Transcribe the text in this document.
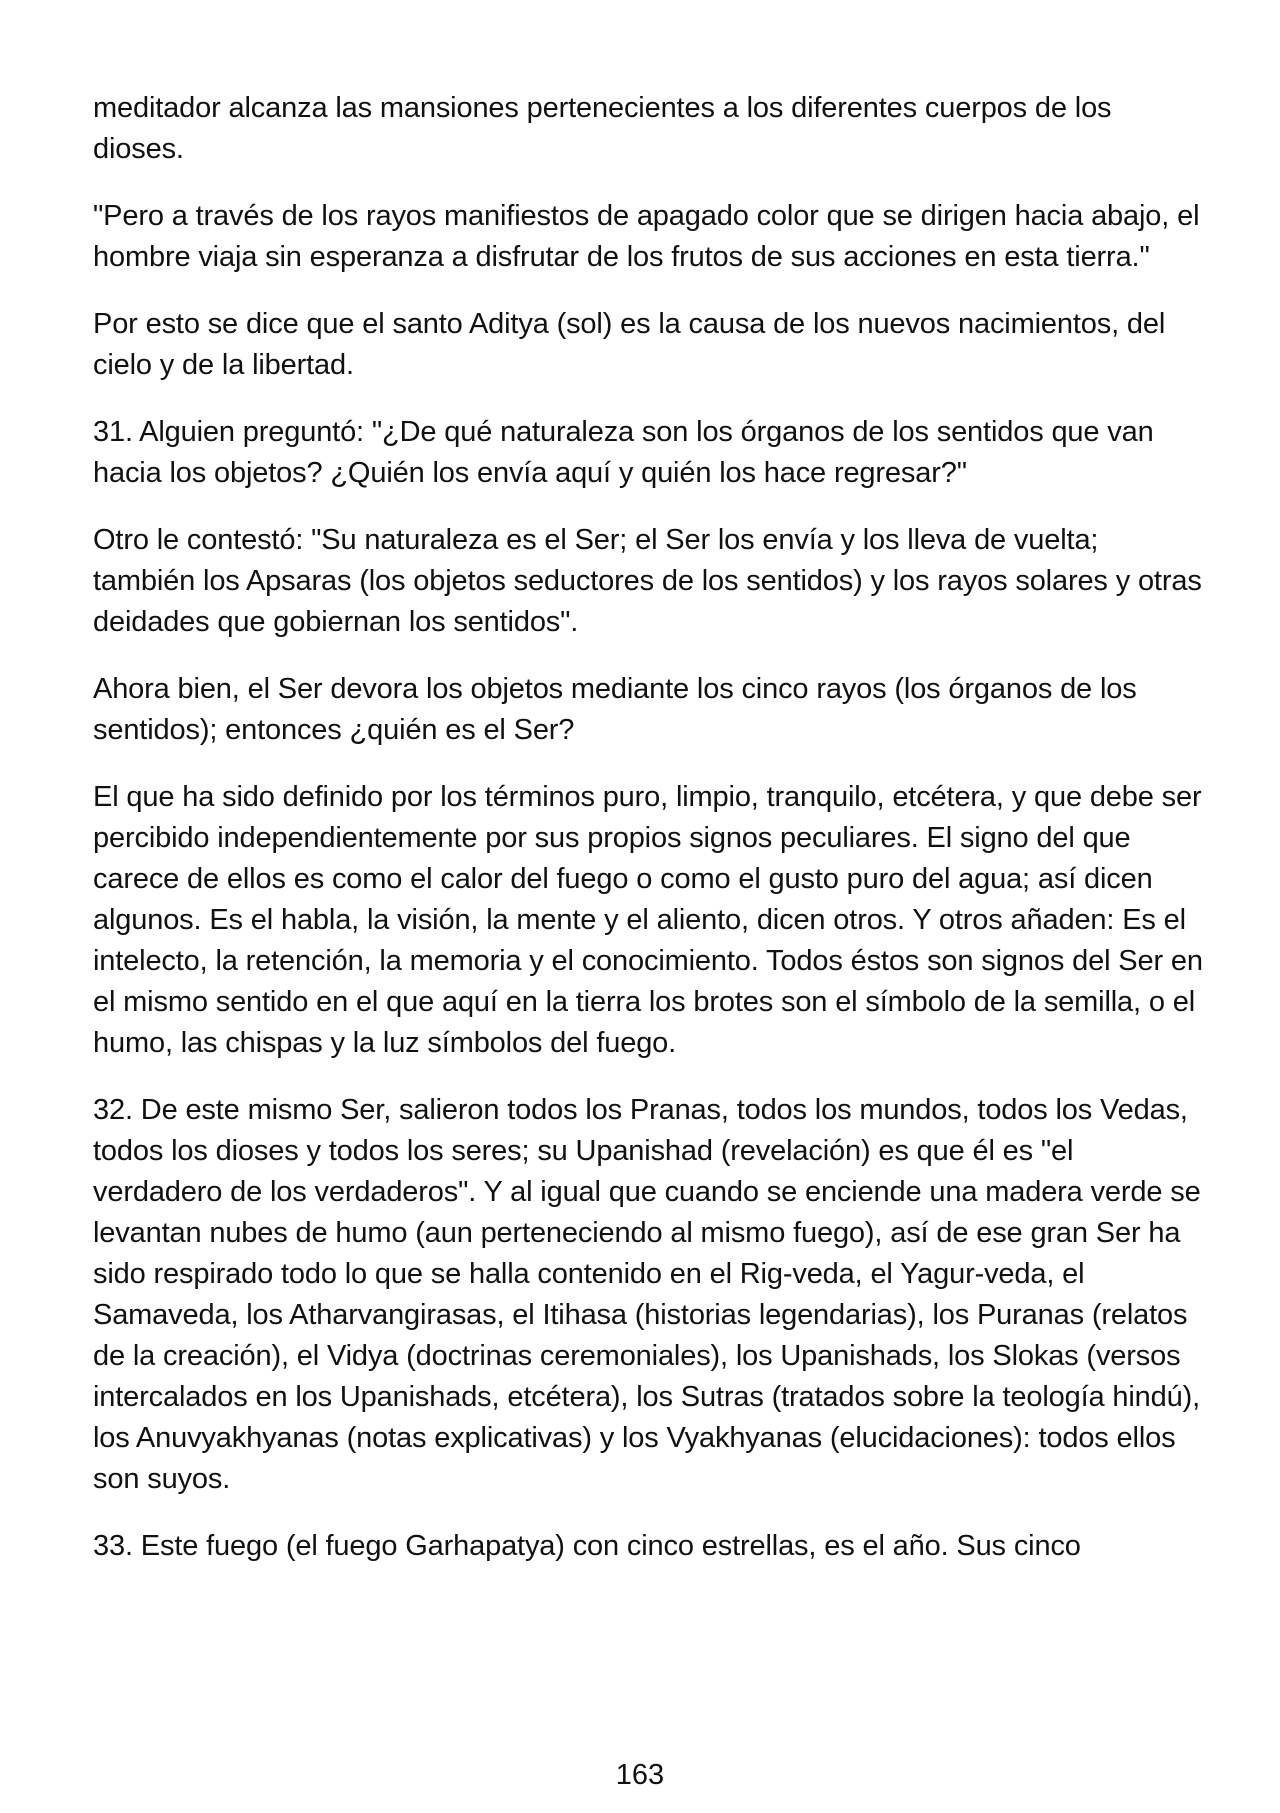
meditador alcanza las mansiones pertenecientes a los diferentes cuerpos de los dioses.

"Pero a través de los rayos manifiestos de apagado color que se dirigen hacia abajo, el hombre viaja sin esperanza a disfrutar de los frutos de sus acciones en esta tierra."

Por esto se dice que el santo Aditya (sol) es la causa de los nuevos nacimientos, del cielo y de la libertad.

31. Alguien preguntó: "¿De qué naturaleza son los órganos de los sentidos que van hacia los objetos? ¿Quién los envía aquí y quién los hace regresar?"

Otro le contestó: "Su naturaleza es el Ser; el Ser los envía y los lleva de vuelta; también los Apsaras (los objetos seductores de los sentidos) y los rayos solares y otras deidades que gobiernan los sentidos".

Ahora bien, el Ser devora los objetos mediante los cinco rayos (los órganos de los sentidos); entonces ¿quién es el Ser?

El que ha sido definido por los términos puro, limpio, tranquilo, etcétera, y que debe ser percibido independientemente por sus propios signos peculiares. El signo del que carece de ellos es como el calor del fuego o como el gusto puro del agua; así dicen algunos. Es el habla, la visión, la mente y el aliento, dicen otros. Y otros añaden: Es el intelecto, la retención, la memoria y el conocimiento. Todos éstos son signos del Ser en el mismo sentido en el que aquí en la tierra los brotes son el símbolo de la semilla, o el humo, las chispas y la luz símbolos del fuego.

32. De este mismo Ser, salieron todos los Pranas, todos los mundos, todos los Vedas, todos los dioses y todos los seres; su Upanishad (revelación) es que él es "el verdadero de los verdaderos". Y al igual que cuando se enciende una madera verde se levantan nubes de humo (aun perteneciendo al mismo fuego), así de ese gran Ser ha sido respirado todo lo que se halla contenido en el Rig-veda, el Yagur-veda, el Samaveda, los Atharvangirasas, el Itihasa (historias legendarias), los Puranas (relatos de la creación), el Vidya (doctrinas ceremoniales), los Upanishads, los Slokas (versos intercalados en los Upanishads, etcétera), los Sutras (tratados sobre la teología hindú), los Anuvyakhyanas (notas explicativas) y los Vyakhyanas (elucidaciones): todos ellos son suyos.

33. Este fuego (el fuego Garhapatya) con cinco estrellas, es el año. Sus cinco

163
